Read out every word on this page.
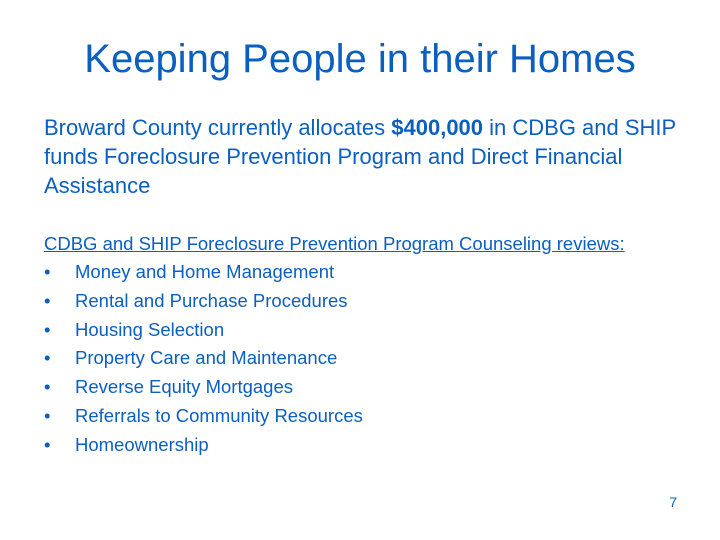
Keeping People in their Homes
Broward County currently allocates $400,000 in CDBG and SHIP funds Foreclosure Prevention Program and Direct Financial Assistance
CDBG and SHIP Foreclosure Prevention Program Counseling reviews:
•	Money and Home Management
•	Rental and Purchase Procedures
•	Housing Selection
•	Property Care and Maintenance
•	Reverse Equity Mortgages
•	Referrals to Community Resources
•	Homeownership
7
